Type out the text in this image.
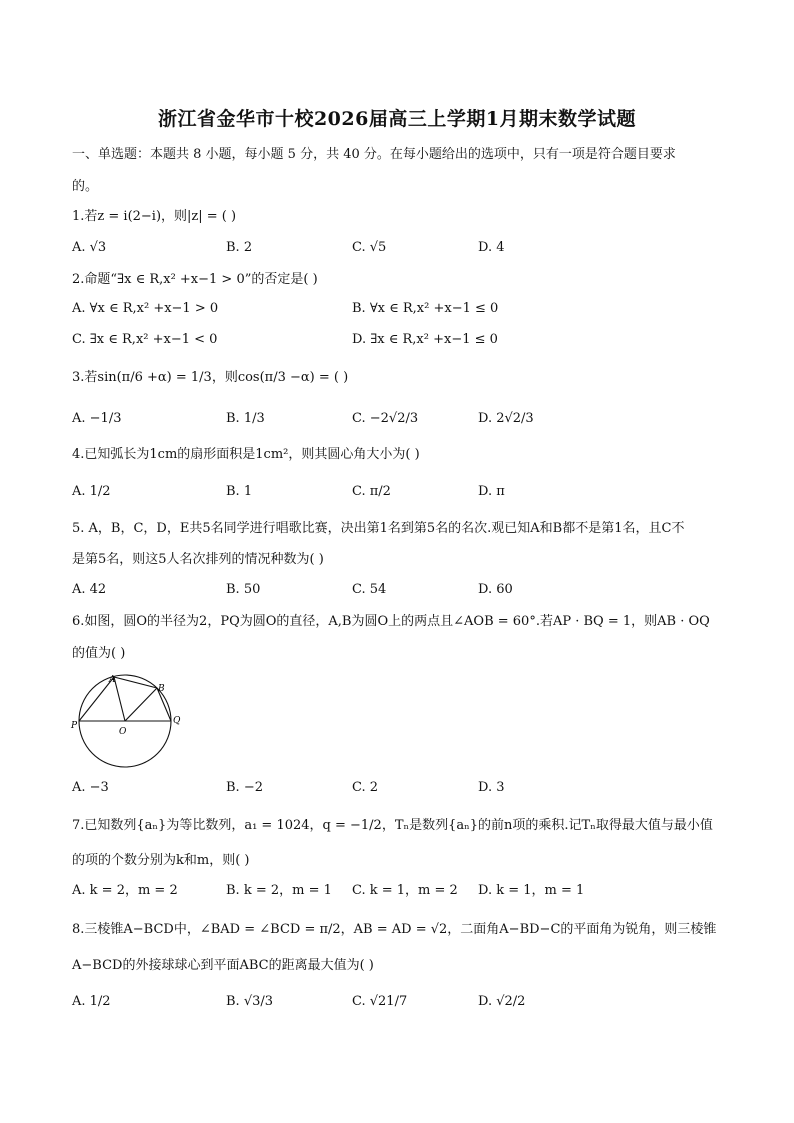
浙江省金华市十校2026届高三上学期1月期末数学试题
一、单选题：本题共 8 小题，每小题 5 分，共 40 分。在每小题给出的选项中，只有一项是符合题目要求
的。
1.若z = i(2−i)，则|z| = ( )
A. √3	B. 2	C. √5	D. 4
2.命题“∃x ∈ R,x² +x−1 > 0”的否定是( )
A. ∀x ∈ R,x² +x−1 > 0	B. ∀x ∈ R,x² +x−1 ≤ 0
C. ∃x ∈ R,x² +x−1 < 0	D. ∃x ∈ R,x² +x−1 ≤ 0
3.若sin(π/6 +α) = 1/3，则cos(π/3 −α) = ( )
A. −1/3	B. 1/3	C. −2√2/3	D. 2√2/3
4.已知弧长为1cm的扇形面积是1cm²，则其圆心角大小为( )
A. 1/2	B. 1	C. π/2	D. π
5. A，B，C，D，E共5名同学进行唱歌比赛，决出第1名到第5名的名次.观已知A和B都不是第1名，且C不
是第5名，则这5人名次排列的情况种数为( )
A. 42	B. 50	C. 54	D. 60
6.如图，圆O的半径为2，PQ为圆O的直径，A,B为圆O上的两点且∠AOB = 60°.若AP · BQ = 1，则AB · OQ
的值为( )
A
B
P	Q
O
A. −3	B. −2	C. 2	D. 3
7.已知数列{aₙ}为等比数列，a₁ = 1024，q = −1/2，Tₙ是数列{aₙ}的前n项的乘积.记Tₙ取得最大值与最小值
的项的个数分别为k和m，则( )
A. k = 2，m = 2	B. k = 2，m = 1 C. k = 1，m = 2 D. k = 1，m = 1
8.三棱锥A−BCD中，∠BAD = ∠BCD = π/2，AB = AD = √2，二面角A−BD−C的平面角为锐角，则三棱锥
A−BCD的外接球球心到平面ABC的距离最大值为( )
A. 1/2	B. √3/3	C. √21/7	D. √2/2
